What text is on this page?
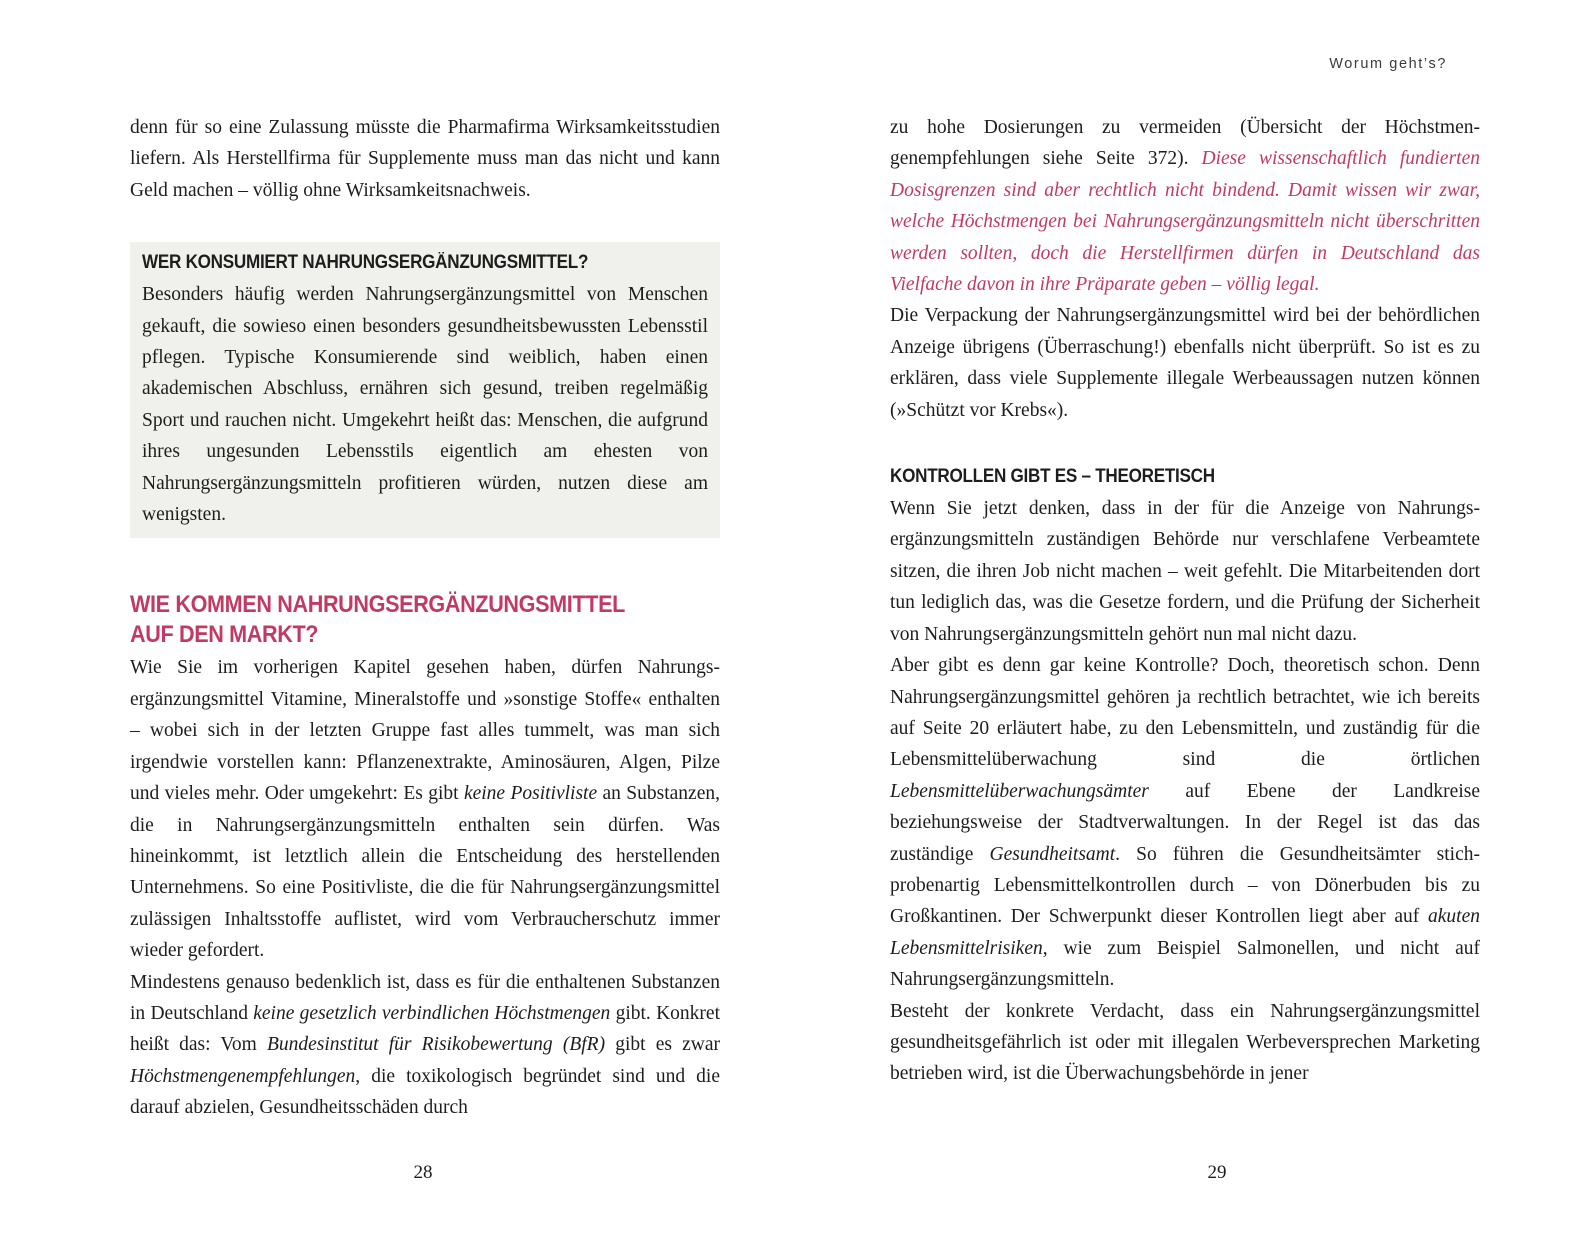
denn für so eine Zulassung müsste die Pharmafirma Wirksamkeitsstudien liefern. Als Herstellfirma für Supplemente muss man das nicht und kann Geld machen – völlig ohne Wirksamkeitsnachweis.

WER KONSUMIERT NAHRUNGSERGÄNZUNGSMITTEL?

Besonders häufig werden Nahrungsergänzungsmittel von Menschen gekauft, die sowieso einen besonders gesundheitsbewussten Lebensstil pflegen. Typische Konsumierende sind weiblich, haben einen akademischen Abschluss, ernähren sich gesund, treiben regelmäßig Sport und rauchen nicht. Umgekehrt heißt das: Menschen, die aufgrund ihres ungesunden Lebensstils eigentlich am ehesten von Nahrungsergänzungsmitteln profitieren würden, nutzen diese am wenigsten.

WIE KOMMEN NAHRUNGSERGÄNZUNGSMITTEL AUF DEN MARKT?

Wie Sie im vorherigen Kapitel gesehen haben, dürfen Nahrungsergänzungsmittel Vitamine, Mineralstoffe und »sonstige Stoffe« enthalten – wobei sich in der letzten Gruppe fast alles tummelt, was man sich irgendwie vorstellen kann: Pflanzenextrakte, Aminosäuren, Algen, Pilze und vieles mehr. Oder umgekehrt: Es gibt keine Positivliste an Substanzen, die in Nahrungsergänzungsmitteln enthalten sein dürfen. Was hineinkommt, ist letztlich allein die Entscheidung des herstellenden Unternehmens. So eine Positivliste, die die für Nahrungsergänzungsmittel zulässigen Inhaltsstoffe auflistet, wird vom Verbraucherschutz immer wieder gefordert.

Mindestens genauso bedenklich ist, dass es für die enthaltenen Substanzen in Deutschland keine gesetzlich verbindlichen Höchstmengen gibt. Konkret heißt das: Vom Bundesinstitut für Risikobewertung (BfR) gibt es zwar Höchstmengenempfehlungen, die toxikologisch begründet sind und die darauf abzielen, Gesundheitsschäden durch

28
Worum geht’s?

zu hohe Dosierungen zu vermeiden (Übersicht der Höchstmengenempfehlungen siehe Seite 372). Diese wissenschaftlich fundierten Dosisgrenzen sind aber rechtlich nicht bindend. Damit wissen wir zwar, welche Höchstmengen bei Nahrungsergänzungsmitteln nicht überschritten werden sollten, doch die Herstellfirmen dürfen in Deutschland das Vielfache davon in ihre Präparate geben – völlig legal.

Die Verpackung der Nahrungsergänzungsmittel wird bei der behördlichen Anzeige übrigens (Überraschung!) ebenfalls nicht überprüft. So ist es zu erklären, dass viele Supplemente illegale Werbeaussagen nutzen können (»Schützt vor Krebs«).

KONTROLLEN GIBT ES – THEORETISCH

Wenn Sie jetzt denken, dass in der für die Anzeige von Nahrungsergänzungsmitteln zuständigen Behörde nur verschlafene Verbeamtete sitzen, die ihren Job nicht machen – weit gefehlt. Die Mitarbeitenden dort tun lediglich das, was die Gesetze fordern, und die Prüfung der Sicherheit von Nahrungsergänzungsmitteln gehört nun mal nicht dazu.

Aber gibt es denn gar keine Kontrolle? Doch, theoretisch schon. Denn Nahrungsergänzungsmittel gehören ja rechtlich betrachtet, wie ich bereits auf Seite 20 erläutert habe, zu den Lebensmitteln, und zuständig für die Lebensmittelüberwachung sind die örtlichen Lebensmittelüberwachungsämter auf Ebene der Landkreise beziehungsweise der Stadtverwaltungen. In der Regel ist das das zuständige Gesundheitsamt. So führen die Gesundheitsämter stichprobenartig Lebensmittelkontrollen durch – von Dönerbuden bis zu Großkantinen. Der Schwerpunkt dieser Kontrollen liegt aber auf akuten Lebensmittelrisiken, wie zum Beispiel Salmonellen, und nicht auf Nahrungsergänzungsmitteln.

Besteht der konkrete Verdacht, dass ein Nahrungsergänzungsmittel gesundheitsgefährlich ist oder mit illegalen Werbeversprechen Marketing betrieben wird, ist die Überwachungsbehörde in jener

29
